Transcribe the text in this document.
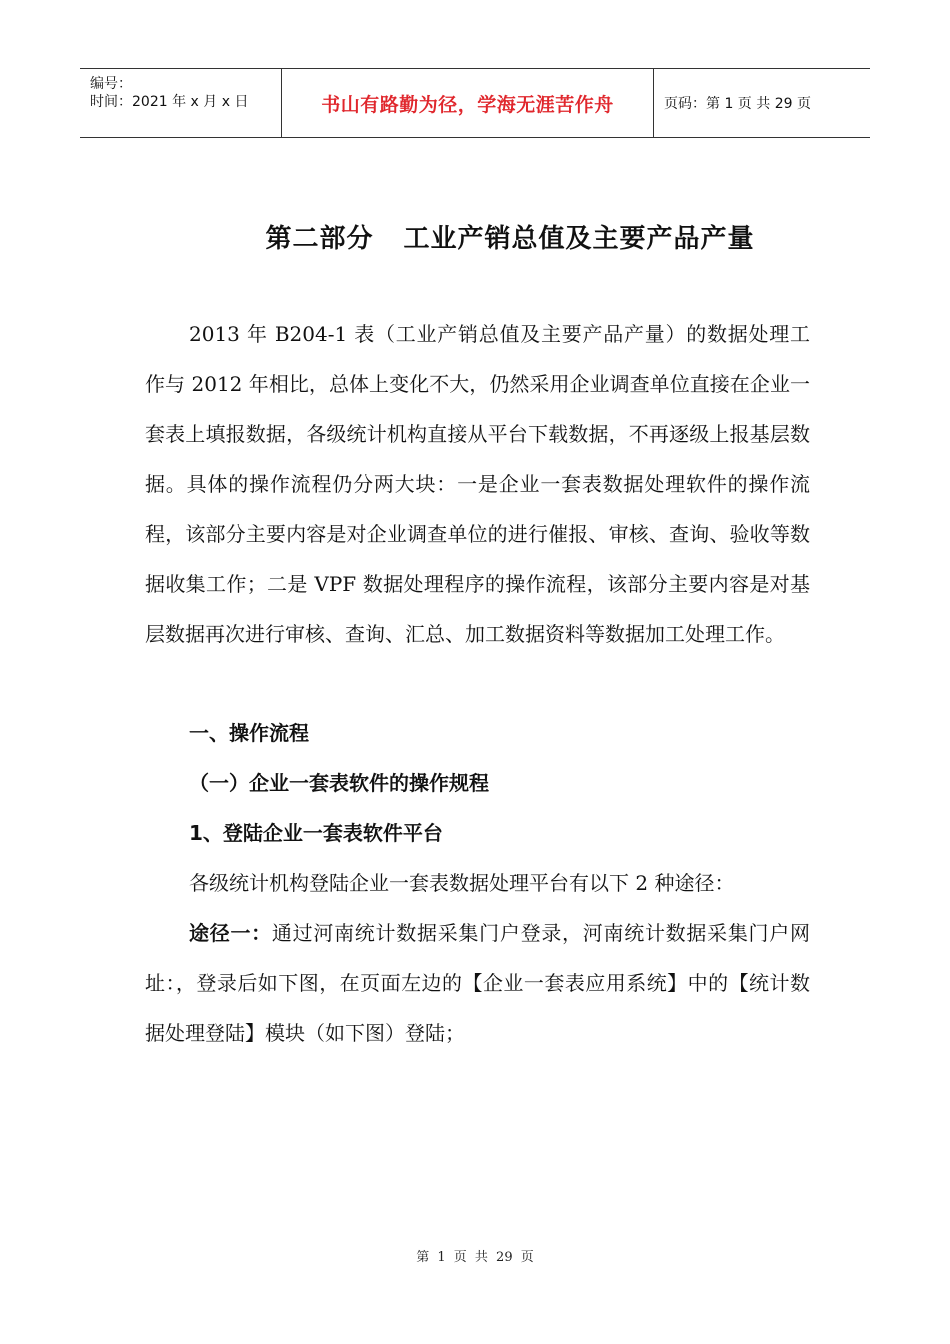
编号：
时间：2021 年 x 月 x 日	书山有路勤为径，学海无涯苦作舟	页码：第 1 页 共 29 页
第二部分 工业产销总值及主要产品产量
2013 年 B204-1 表（工业产销总值及主要产品产量）的数据处理工作与 2012 年相比，总体上变化不大，仍然采用企业调查单位直接在企业一套表上填报数据，各级统计机构直接从平台下载数据，不再逐级上报基层数据。具体的操作流程仍分两大块：一是企业一套表数据处理软件的操作流程，该部分主要内容是对企业调查单位的进行催报、审核、查询、验收等数据收集工作；二是 VPF 数据处理程序的操作流程，该部分主要内容是对基层数据再次进行审核、查询、汇总、加工数据资料等数据加工处理工作。
一、操作流程
（一）企业一套表软件的操作规程
1、登陆企业一套表软件平台
各级统计机构登陆企业一套表数据处理平台有以下 2 种途径：
途径一：通过河南统计数据采集门户登录，河南统计数据采集门户网址：，登录后如下图，在页面左边的【企业一套表应用系统】中的【统计数据处理登陆】模块（如下图）登陆；
第 1 页 共 29 页
